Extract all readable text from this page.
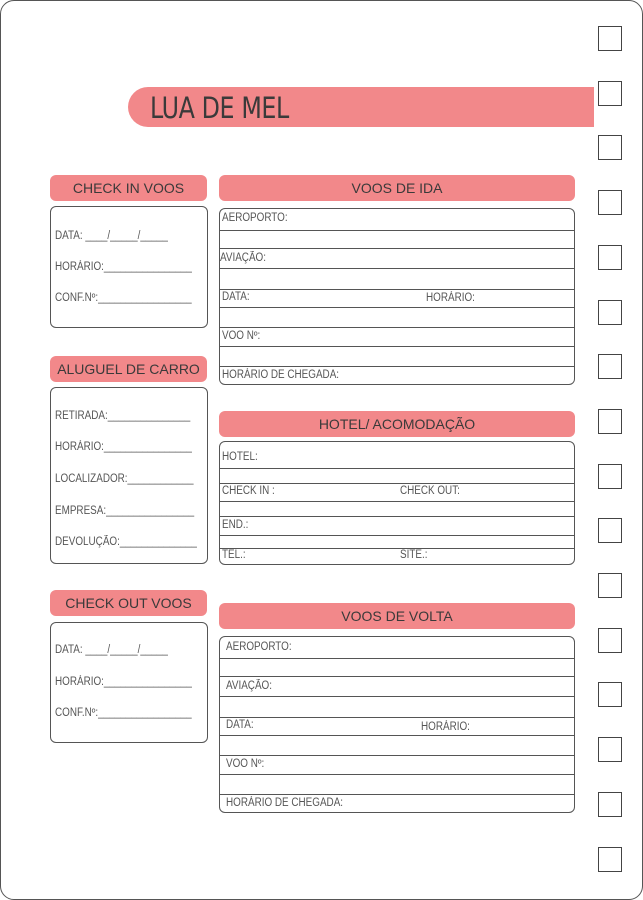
LUA DE MEL
CHECK IN VOOS
DATA: ____/_____/_____
HORÁRIO:________________
CONF.Nº:_________________
ALUGUEL DE CARRO
RETIRADA:_______________
HORÁRIO:________________
LOCALIZADOR:____________
EMPRESA:________________
DEVOLUÇÃO:______________
CHECK OUT VOOS
DATA: ____/_____/_____
HORÁRIO:________________
CONF.Nº:_________________
VOOS DE IDA
AEROPORTO:
AVIAÇÃO:
DATA:	HORÁRIO:
VOO Nº:
HORÁRIO DE CHEGADA:
HOTEL/ ACOMODAÇÃO
HOTEL:
CHECK IN :	CHECK OUT:
END.:
TEL.:	SITE.:
VOOS DE VOLTA
AEROPORTO:
AVIAÇÃO:
DATA:	HORÁRIO:
VOO Nº:
HORÁRIO DE CHEGADA:
